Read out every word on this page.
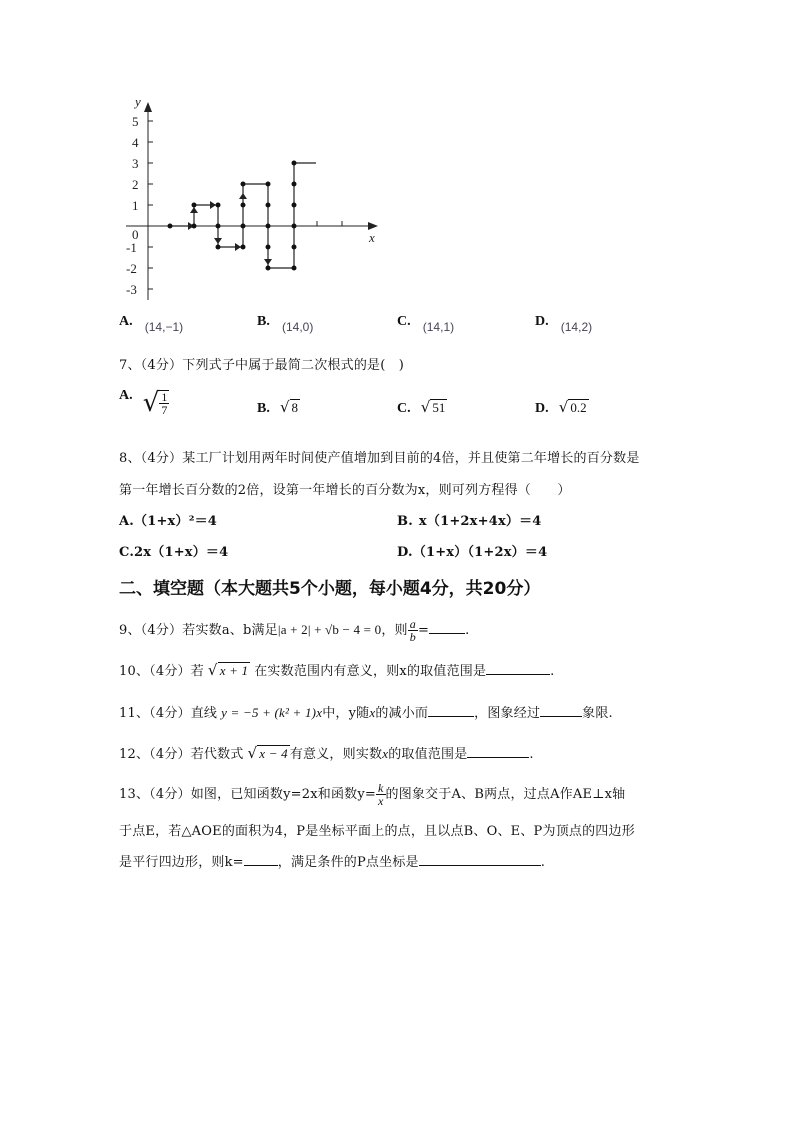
y
x
0
5
4
3
2
1
-1
-2
-3
A. (14,−1)	B. (14,0)	C. (14,1)	D. (14,2)
7、（4分）下列式子中属于最简二次根式的是(　)
A. √ $\frac{1}{7}$	B. √ 8	C. √ 51	D. √ 0.2
8、（4分）某工厂计划用两年时间使产值增加到目前的4倍，并且使第二年增长的百分数是
第一年增长百分数的2倍，设第一年增长的百分数为x，则可列方程得（　　）
A.（1+x）²＝4	B. x（1+2x+4x）＝4
C.2x（1+x）＝4	D.（1+x）（1+2x）＝4
二、填空题（本大题共5个小题，每小题4分，共20分）
9、（4分）若实数a、b满足|a + 2| + √b − 4 = 0，则 $\frac{a}{b}$ =	.
10、（4分）若 √ x + 1 在实数范围内有意义，则x的取值范围是	.
11、（4分）直线 y = −5 + (k² + 1)x中，y随x的减小而	，图象经过	象限.
12、（4分）若代数式 √ x − 4 有意义，则实数x的取值范围是	.
13、（4分）如图，已知函数y=2x和函数$y= \frac{k}{x}$ 的图象交于A、B两点，过点A作AE⊥x轴
于点E，若△AOE的面积为4，P是坐标平面上的点，且以点B、O、E、P为顶点的四边形
是平行四边形，则k=	，满足条件的P点坐标是	.
